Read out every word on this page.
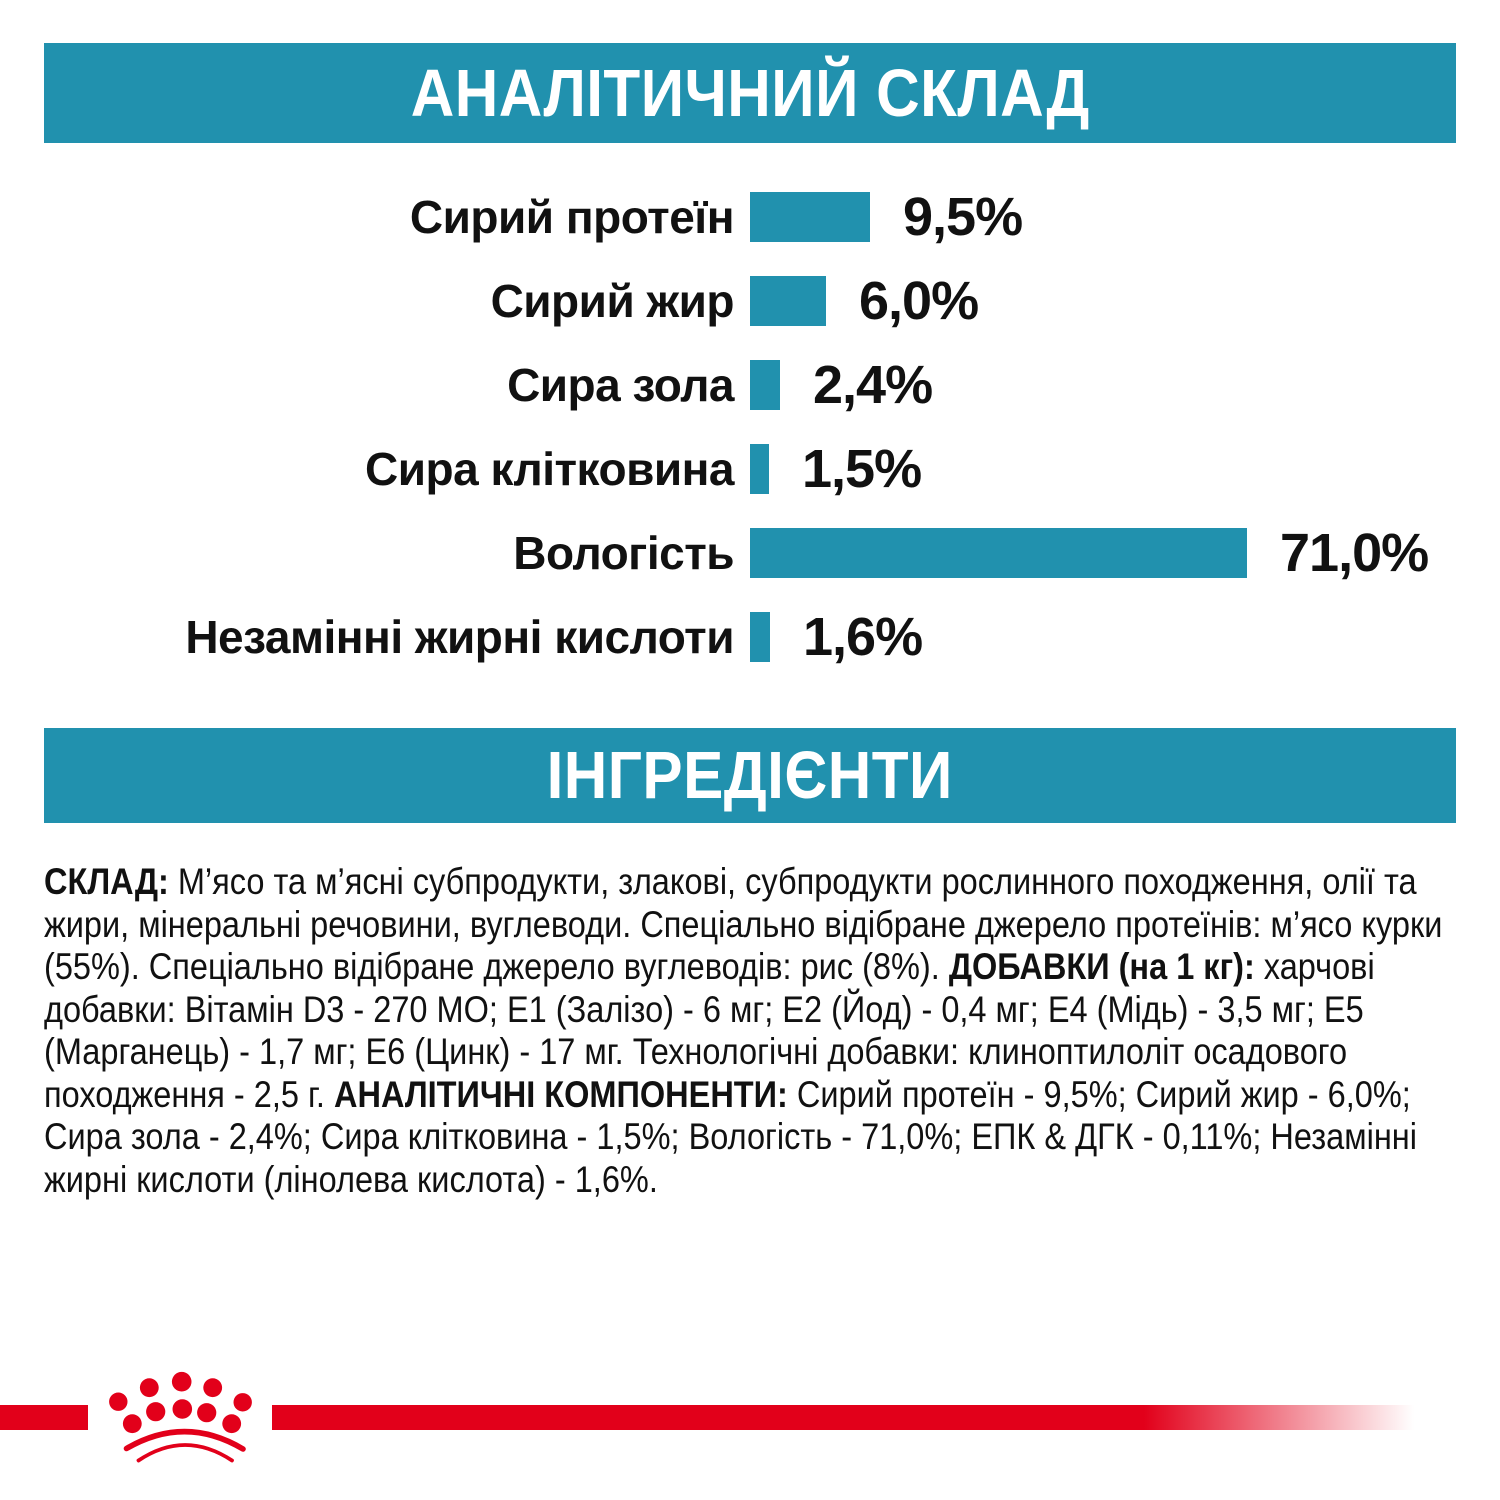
АНАЛІТИЧНИЙ СКЛАД
Сирий протеїн	9,5%
Сирий жир 6,0%
Сира зола 2,4%
Сира клітковина 1,5%
Вологість	71,0%
Незамінні жирні кислоти 1,6%
ІНГРЕДІЄНТИ
СКЛАД: М’ясо та м’ясні субпродукти, злакові, субпродукти рослинного походження, олії та жири, мінеральні речовини, вуглеводи. Спеціально відібране джерело протеїнів: м’ясо курки (55%). Спеціально відібране джерело вуглеводів: рис (8%). ДОБАВКИ (на 1 кг): харчові добавки: Вітамін D3 - 270 МО; Е1 (Залізо) - 6 мг; Е2 (Йод) - 0,4 мг; Е4 (Мідь) - 3,5 мг; Е5 (Марганець) - 1,7 мг; Е6 (Цинк) - 17 мг. Технологічні добавки: клиноптилоліт осадового походження - 2,5 г. АНАЛІТИЧНІ КОМПОНЕНТИ: Сирий протеїн - 9,5%; Сирий жир - 6,0%; Сира зола - 2,4%; Сира клітковина - 1,5%; Вологість - 71,0%; ЕПК & ДГК - 0,11%; Незамінні жирні кислоти (лінолева кислота) - 1,6%.
